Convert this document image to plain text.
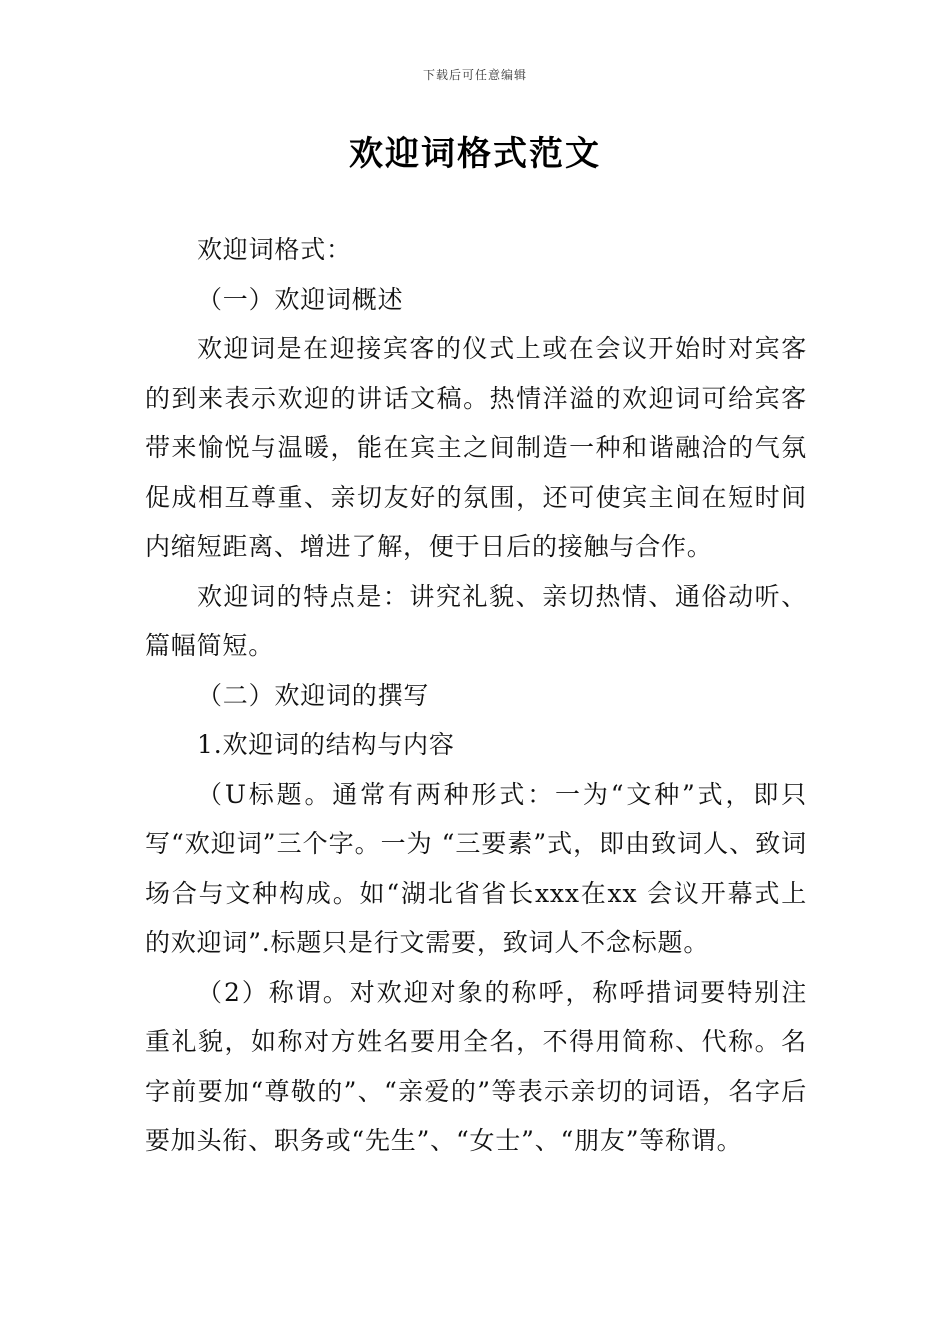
下载后可任意编辑
欢迎词格式范文

欢迎词格式：

（一）欢迎词概述

欢迎词是在迎接宾客的仪式上或在会议开始时对宾客的到来表示欢迎的讲话文稿。热情洋溢的欢迎词可给宾客带来愉悦与温暖，能在宾主之间制造一种和谐融洽的气氛促成相互尊重、亲切友好的氛围，还可使宾主间在短时间内缩短距离、增进了解，便于日后的接触与合作。

欢迎词的特点是：讲究礼貌、亲切热情、通俗动听、篇幅简短。

（二）欢迎词的撰写

1.欢迎词的结构与内容

（U标题。通常有两种形式：一为“文种”式，即只写“欢迎词”三个字。一为 “三要素”式，即由致词人、致词场合与文种构成。如“湖北省省长xxx在xx 会议开幕式上的欢迎词”.标题只是行文需要，致词人不念标题。

（2）称谓。对欢迎对象的称呼，称呼措词要特别注重礼貌，如称对方姓名要用全名，不得用简称、代称。名字前要加“尊敬的”、“亲爱的”等表示亲切的词语，名字后要加头衔、职务或“先生”、“女士”、“朋友”等称谓。
